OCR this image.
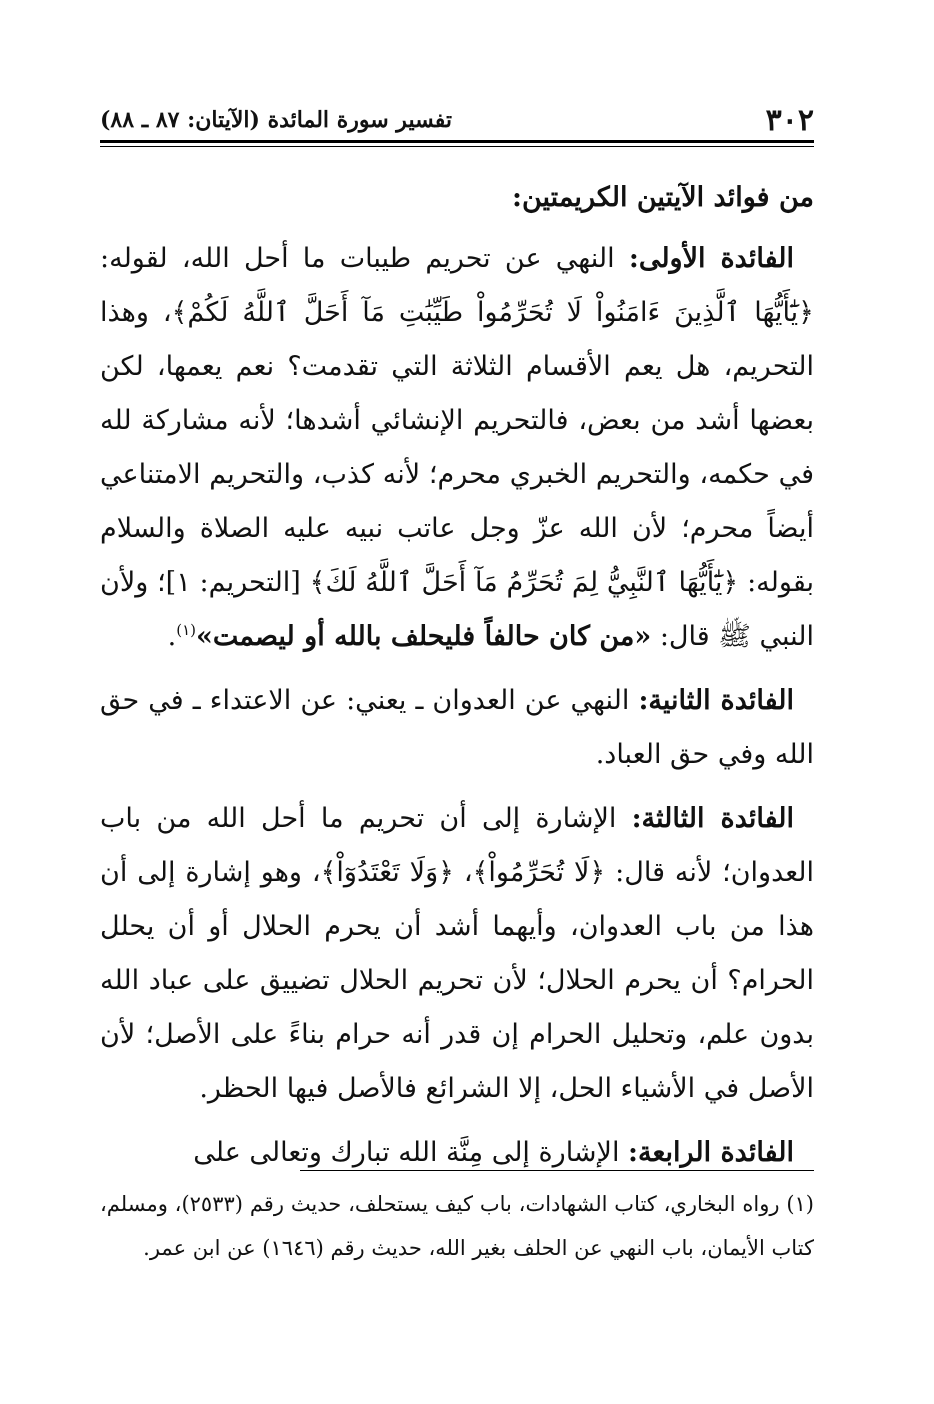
٣٠٢
تفسير سورة المائدة (الآيتان: ٨٧ ـ ٨٨)
من فوائد الآيتين الكريمتين:

الفائدة الأولى: النهي عن تحريم طيبات ما أحل الله، لقوله: ﴿يَٰٓأَيُّهَا ٱلَّذِينَ ءَامَنُواْ لَا تُحَرِّمُواْ طَيِّبَٰتِ مَآ أَحَلَّ ٱللَّهُ لَكُمْ﴾، وهذا التحريم، هل يعم الأقسام الثلاثة التي تقدمت؟ نعم يعمها، لكن بعضها أشد من بعض، فالتحريم الإنشائي أشدها؛ لأنه مشاركة لله في حكمه، والتحريم الخبري محرم؛ لأنه كذب، والتحريم الامتناعي أيضاً محرم؛ لأن الله عزّ وجل عاتب نبيه عليه الصلاة والسلام بقوله: ﴿يَٰٓأَيُّهَا ٱلنَّبِيُّ لِمَ تُحَرِّمُ مَآ أَحَلَّ ٱللَّهُ لَكَ﴾ [التحريم: ١]؛ ولأن النبي ﷺ قال: «من كان حالفاً فليحلف بالله أو ليصمت»$^{(١)}$.

الفائدة الثانية: النهي عن العدوان ـ يعني: عن الاعتداء ـ في حق الله وفي حق العباد.

الفائدة الثالثة: الإشارة إلى أن تحريم ما أحل الله من باب العدوان؛ لأنه قال: ﴿لَا تُحَرِّمُواْ﴾، ﴿وَلَا تَعْتَدُوٓاْ﴾، وهو إشارة إلى أن هذا من باب العدوان، وأيهما أشد أن يحرم الحلال أو أن يحلل الحرام؟ أن يحرم الحلال؛ لأن تحريم الحلال تضييق على عباد الله بدون علم، وتحليل الحرام إن قدر أنه حرام بناءً على الأصل؛ لأن الأصل في الأشياء الحل، إلا الشرائع فالأصل فيها الحظر.

الفائدة الرابعة: الإشارة إلى مِنَّة الله تبارك وتعالى على

(١) رواه البخاري، كتاب الشهادات، باب كيف يستحلف، حديث رقم (٢٥٣٣)، ومسلم، كتاب الأيمان، باب النهي عن الحلف بغير الله، حديث رقم (١٦٤٦) عن ابن عمر.
